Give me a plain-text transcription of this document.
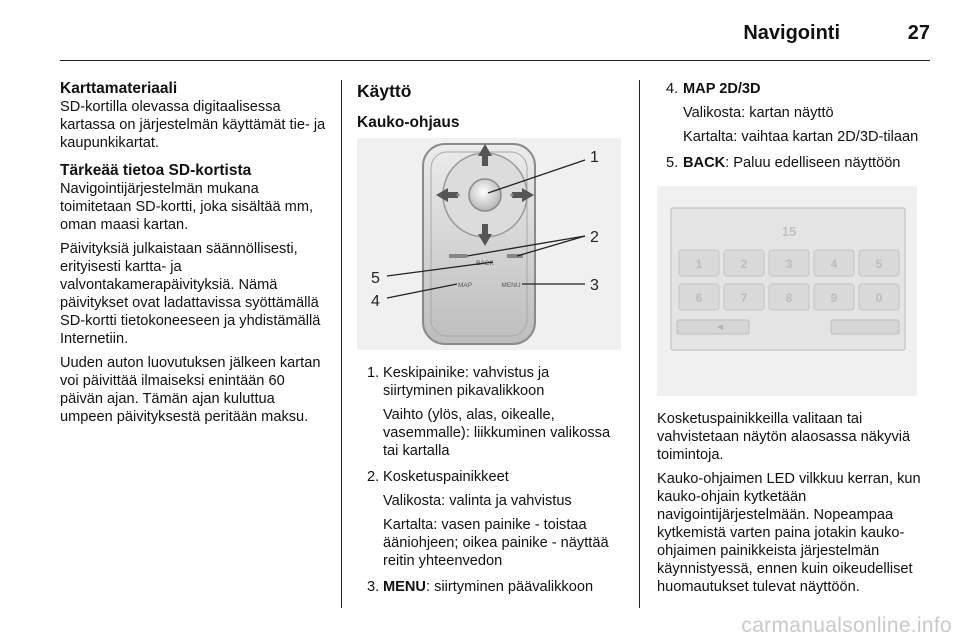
Navigointi	27
Karttamateriaali

SD-kortilla olevassa digitaalisessa kartassa on järjestelmän käyttämät tie- ja kaupunkikartat.

Tärkeää tietoa SD-kortista

Navigointijärjestelmän mukana toimitetaan SD-kortti, joka sisältää mm, oman maasi kartan.

Päivityksiä julkaistaan säännöllisesti, erityisesti kartta- ja valvontakamerapäivityksiä. Nämä päivitykset ovat ladattavissa syöttämällä SD-kortti tietokoneeseen ja yhdistämällä Internetiin.

Uuden auton luovutuksen jälkeen kartan voi päivittää ilmaiseksi enintään 60 päivän ajan. Tämän ajan kuluttua umpeen päivityksestä peritään maksu.

Käyttö
Kauko-ohjaus
BACK
MAP	MENU
1
2
5	3
4
1. Keskipainike: vahvistus ja siirtyminen pikavalikkoon

Vaihto (ylös, alas, oikealle, vasemmalle): liikkuminen valikossa tai kartalla

2. Kosketuspainikkeet

Valikosta: valinta ja vahvistus

Kartalta: vasen painike - toistaa ääniohjeen; oikea painike - näyttää reitin yhteenvedon

3. MENU: siirtyminen päävalikkoon

4. MAP 2D/3D

Valikosta: kartan näyttö

Kartalta: vaihtaa kartan 2D/3D-tilaan

5. BACK: Paluu edelliseen näyttöön

15
1	2	3	4	5
6	7	8	9	0

Kosketuspainikkeilla valitaan tai vahvistetaan näytön alaosassa näkyviä toimintoja.

Kauko-ohjaimen LED vilkkuu kerran, kun kauko-ohjain kytketään navigointijärjestelmään. Nopeampaa kytkemistä varten paina jotakin kauko-ohjaimen painikkeista järjestelmän käynnistyessä, ennen kuin oikeudelliset huomautukset tulevat näyttöön.

carmanualsonline.info
